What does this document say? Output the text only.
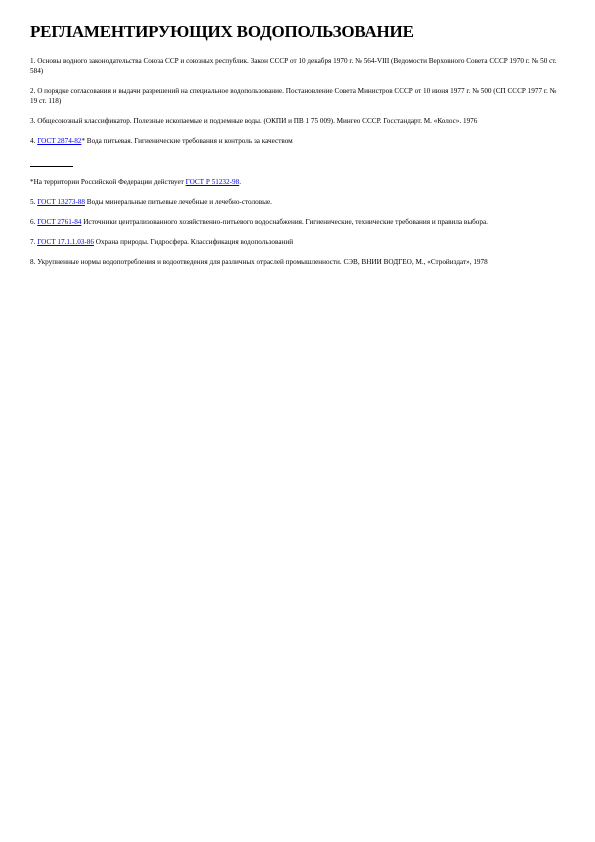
РЕГЛАМЕНТИРУЮЩИХ ВОДОПОЛЬЗОВАНИЕ

1. Основы водного законодательства Союза ССР и союзных республик. Закон СССР от 10 декабря 1970 г. № 564-VIII (Ведомости Верховного Совета СССР 1970 г. № 50 ст. 584)

2. О порядке согласования и выдачи разрешений на специальное водопользование. Постановление Совета Министров СССР от 10 июня 1977 г. № 500 (СП СССР 1977 г. № 19 ст. 118)

3. Общесоюзный классификатор. Полезные ископаемые и подземные воды. (ОКПИ и ПВ 1 75 009). Мингео СССР. Госстандарт. М. «Колос». 1976

4. ГОСТ 2874-82* Вода питьевая. Гигиенические требования и контроль за качеством

*На территории Российской Федерации действует ГОСТ Р 51232-98.

5. ГОСТ 13273-88 Воды минеральные питьевые лечебные и лечебно-столовые.

6. ГОСТ 2761-84 Источники централизованного хозяйственно-питьевого водоснабжения. Гигиенические, технические требования и правила выбора.

7. ГОСТ 17.1.1.03-86 Охрана природы. Гидросфера. Классификация водопользований

8. Укрупненные нормы водопотребления и водоотведения для различных отраслей промышленности. СЭВ, ВНИИ ВОДГЕО, М., «Стройиздат», 1978
